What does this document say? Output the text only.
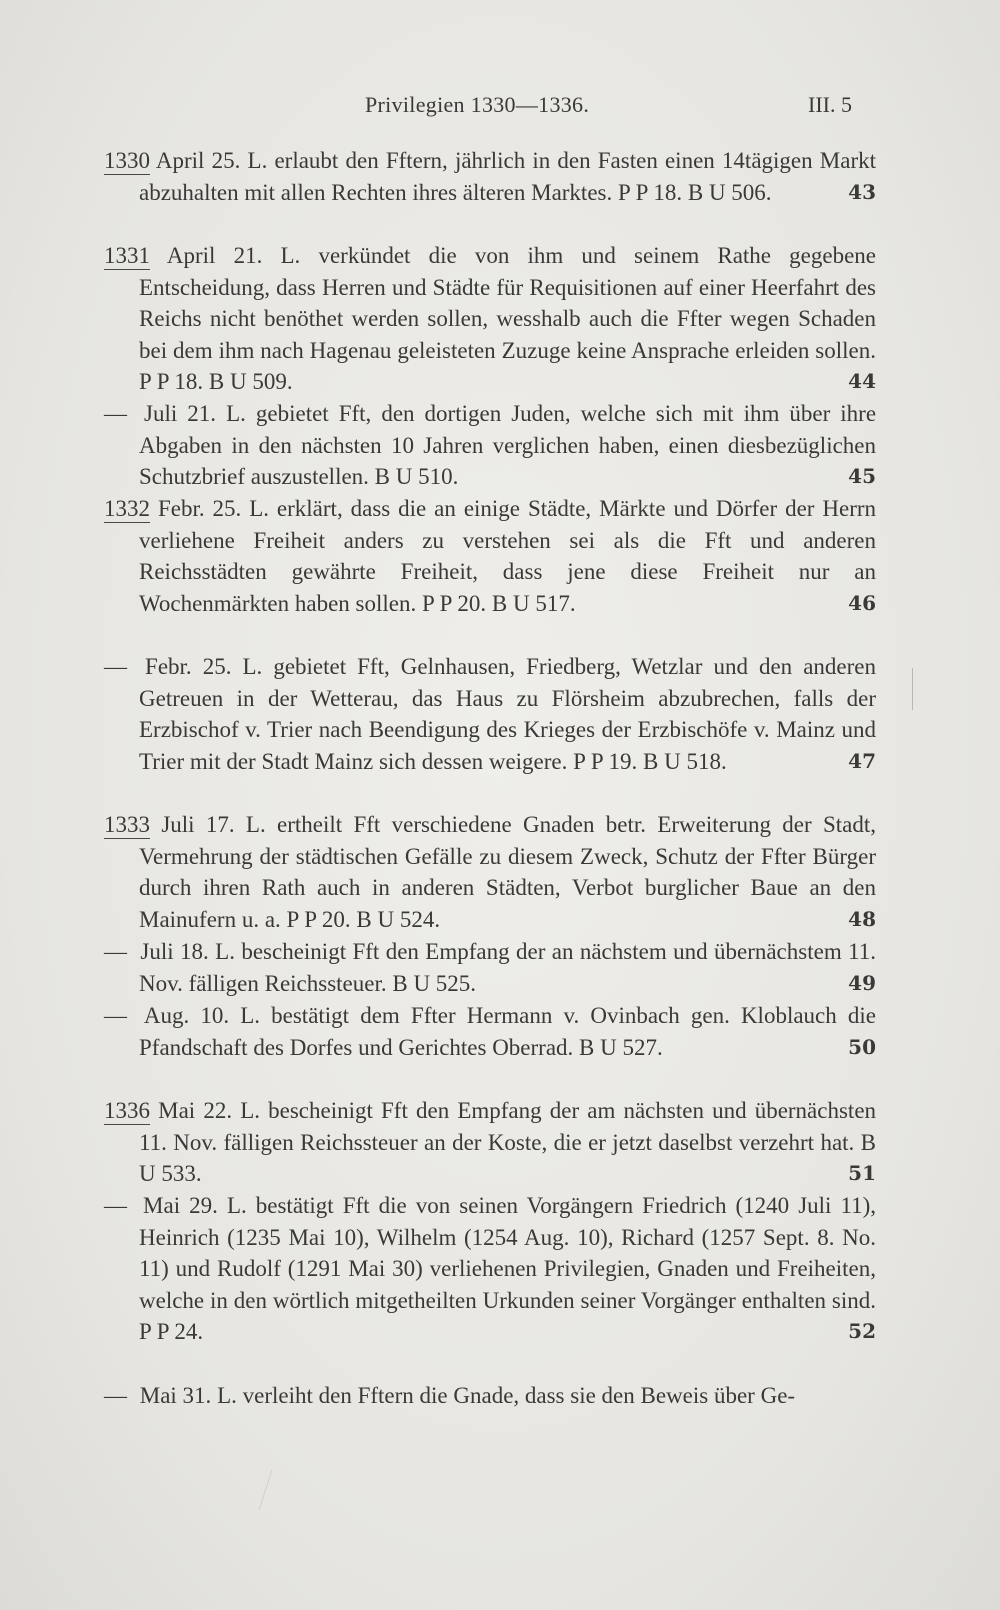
Privilegien 1330—1336.	III. 5
1330 April 25. L. erlaubt den Fftern, jährlich in den Fasten einen 14tägigen Markt abzuhalten mit allen Rechten ihres älteren Marktes. P P 18. B U 506.	43
1331 April 21. L. verkündet die von ihm und seinem Rathe gegebene Entscheidung, dass Herren und Städte für Requisitionen auf einer Heerfahrt des Reichs nicht benöthet werden sollen, wesshalb auch die Ffter wegen Schaden bei dem ihm nach Hagenau geleisteten Zuzuge keine Ansprache erleiden sollen. P P 18. B U 509.	44
— Juli 21. L. gebietet Fft, den dortigen Juden, welche sich mit ihm über ihre Abgaben in den nächsten 10 Jahren verglichen haben, einen diesbezüglichen Schutzbrief auszustellen. B U 510.	45
1332 Febr. 25. L. erklärt, dass die an einige Städte, Märkte und Dörfer der Herrn verliehene Freiheit anders zu verstehen sei als die Fft und anderen Reichsstädten gewährte Freiheit, dass jene diese Freiheit nur an Wochenmärkten haben sollen. P P 20. B U 517.	46
— Febr. 25. L. gebietet Fft, Gelnhausen, Friedberg, Wetzlar und den anderen Getreuen in der Wetterau, das Haus zu Flörsheim abzubrechen, falls der Erzbischof v. Trier nach Beendigung des Krieges der Erzbischöfe v. Mainz und Trier mit der Stadt Mainz sich dessen weigere. P P 19. B U 518.	47
1333 Juli 17. L. ertheilt Fft verschiedene Gnaden betr. Erweiterung der Stadt, Vermehrung der städtischen Gefälle zu diesem Zweck, Schutz der Ffter Bürger durch ihren Rath auch in anderen Städten, Verbot burglicher Baue an den Mainufern u. a. P P 20. B U 524.	48
— Juli 18. L. bescheinigt Fft den Empfang der an nächstem und übernächstem 11. Nov. fälligen Reichssteuer. B U 525.	49
— Aug. 10. L. bestätigt dem Ffter Hermann v. Ovinbach gen. Kloblauch die Pfandschaft des Dorfes und Gerichtes Oberrad. B U 527.	50
1336 Mai 22. L. bescheinigt Fft den Empfang der am nächsten und übernächsten 11. Nov. fälligen Reichssteuer an der Koste, die er jetzt daselbst verzehrt hat. B U 533.	51
— Mai 29. L. bestätigt Fft die von seinen Vorgängern Friedrich (1240 Juli 11), Heinrich (1235 Mai 10), Wilhelm (1254 Aug. 10), Richard (1257 Sept. 8. No. 11) und Rudolf (1291 Mai 30) verliehenen Privilegien, Gnaden und Freiheiten, welche in den wörtlich mitgetheilten Urkunden seiner Vorgänger enthalten sind. P P 24.	52
— Mai 31. L. verleiht den Fftern die Gnade, dass sie den Beweis über Ge-
